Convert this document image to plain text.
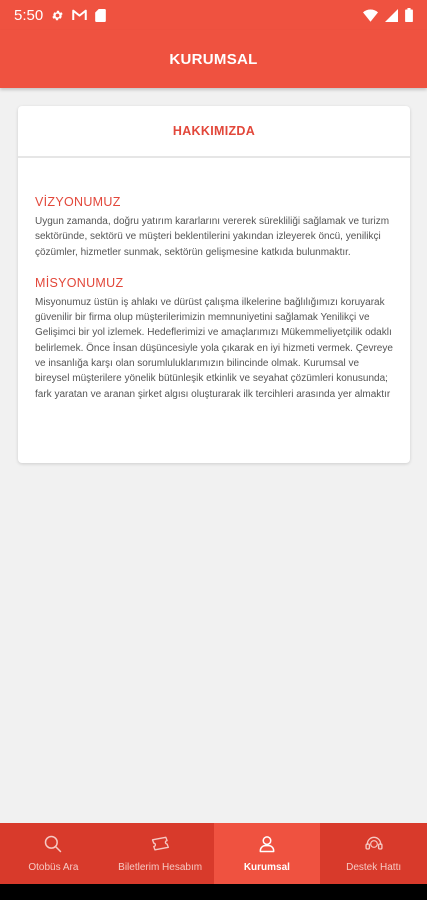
5:50
KURUMSAL
HAKKIMIZDA
VİZYONUMUZ
Uygun zamanda, doğru yatırım kararlarını vererek sürekliliği sağlamak ve turizm sektöründe, sektörü ve müşteri beklentilerini yakından izleyerek öncü, yenilikçi çözümler, hizmetler sunmak, sektörün gelişmesine katkıda bulunmaktır.
MİSYONUMUZ
Misyonumuz üstün iş ahlakı ve dürüst çalışma ilkelerine bağlılığımızı koruyarak güvenilir bir firma olup müşterilerimizin memnuniyetini sağlamak Yenilikçi ve Gelişimci bir yol izlemek. Hedeflerimizi ve amaçlarımızı Mükemmeliyetçilik odaklı belirlemek. Önce İnsan düşüncesiyle yola çıkarak en iyi hizmeti vermek. Çevreye ve insanlığa karşı olan sorumluluklarımızın bilincinde olmak. Kurumsal ve bireysel müşterilere yönelik bütünleşik etkinlik ve seyahat çözümleri konusunda; fark yaratan ve aranan şirket algısı oluşturarak ilk tercihleri arasında yer almaktır
Otobüs Ara	Biletlerim Hesabım	Kurumsal	Destek Hattı
